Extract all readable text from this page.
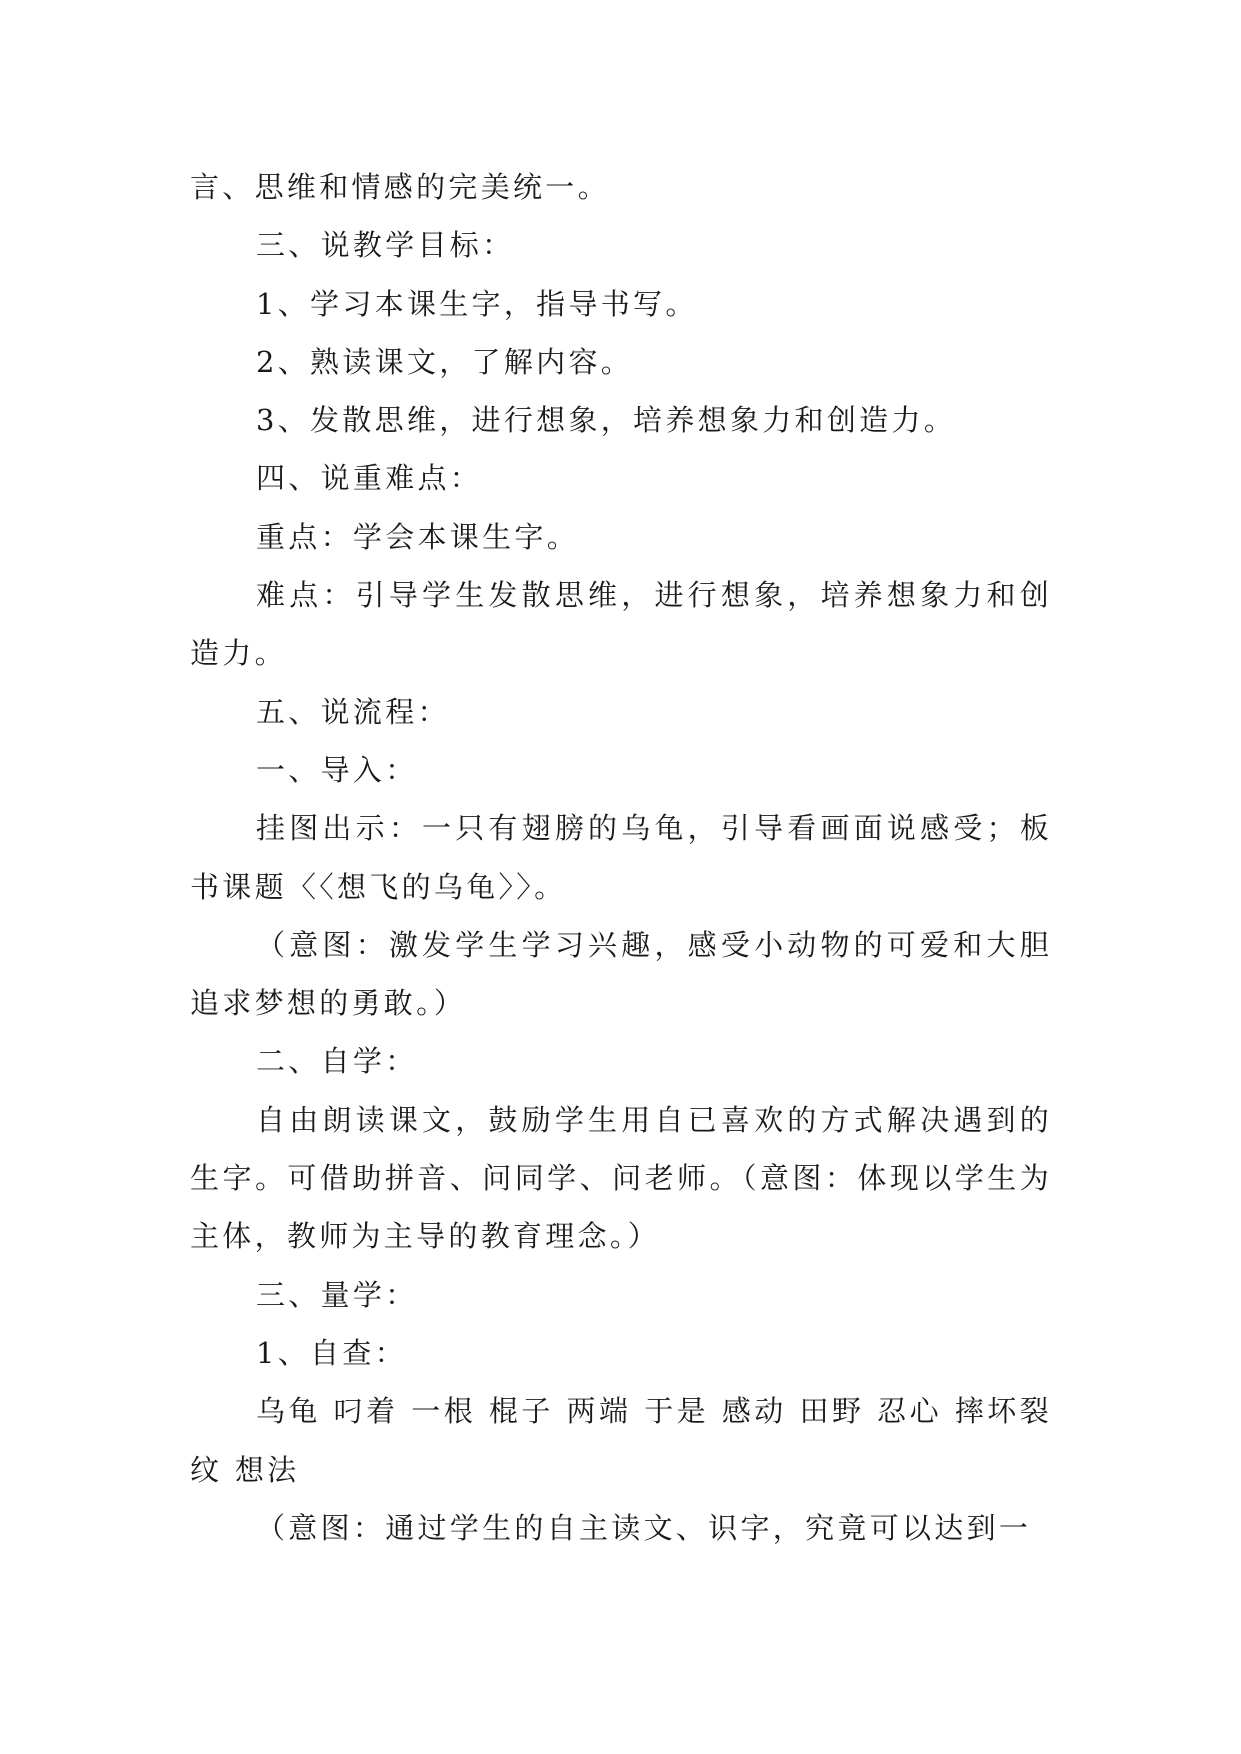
言、思维和情感的完美统一。

三、说教学目标：

1、学习本课生字，指导书写。

2、熟读课文，了解内容。

3、发散思维，进行想象，培养想象力和创造力。

四、说重难点：

重点：学会本课生字。

难点：引导学生发散思维，进行想象，培养想象力和创造力。

五、说流程：

一、导入：

挂图出示：一只有翅膀的乌龟，引导看画面说感受；板书课题〈〈想飞的乌龟〉〉。

（意图：激发学生学习兴趣，感受小动物的可爱和大胆追求梦想的勇敢。）

二、自学：

自由朗读课文，鼓励学生用自已喜欢的方式解决遇到的生字。可借助拼音、问同学、问老师。（意图：体现以学生为主体，教师为主导的教育理念。）

三、量学：

1、自查：

乌龟 叼着 一根 棍子 两端 于是 感动 田野 忍心 摔坏裂纹 想法

（意图：通过学生的自主读文、识字，究竟可以达到一
